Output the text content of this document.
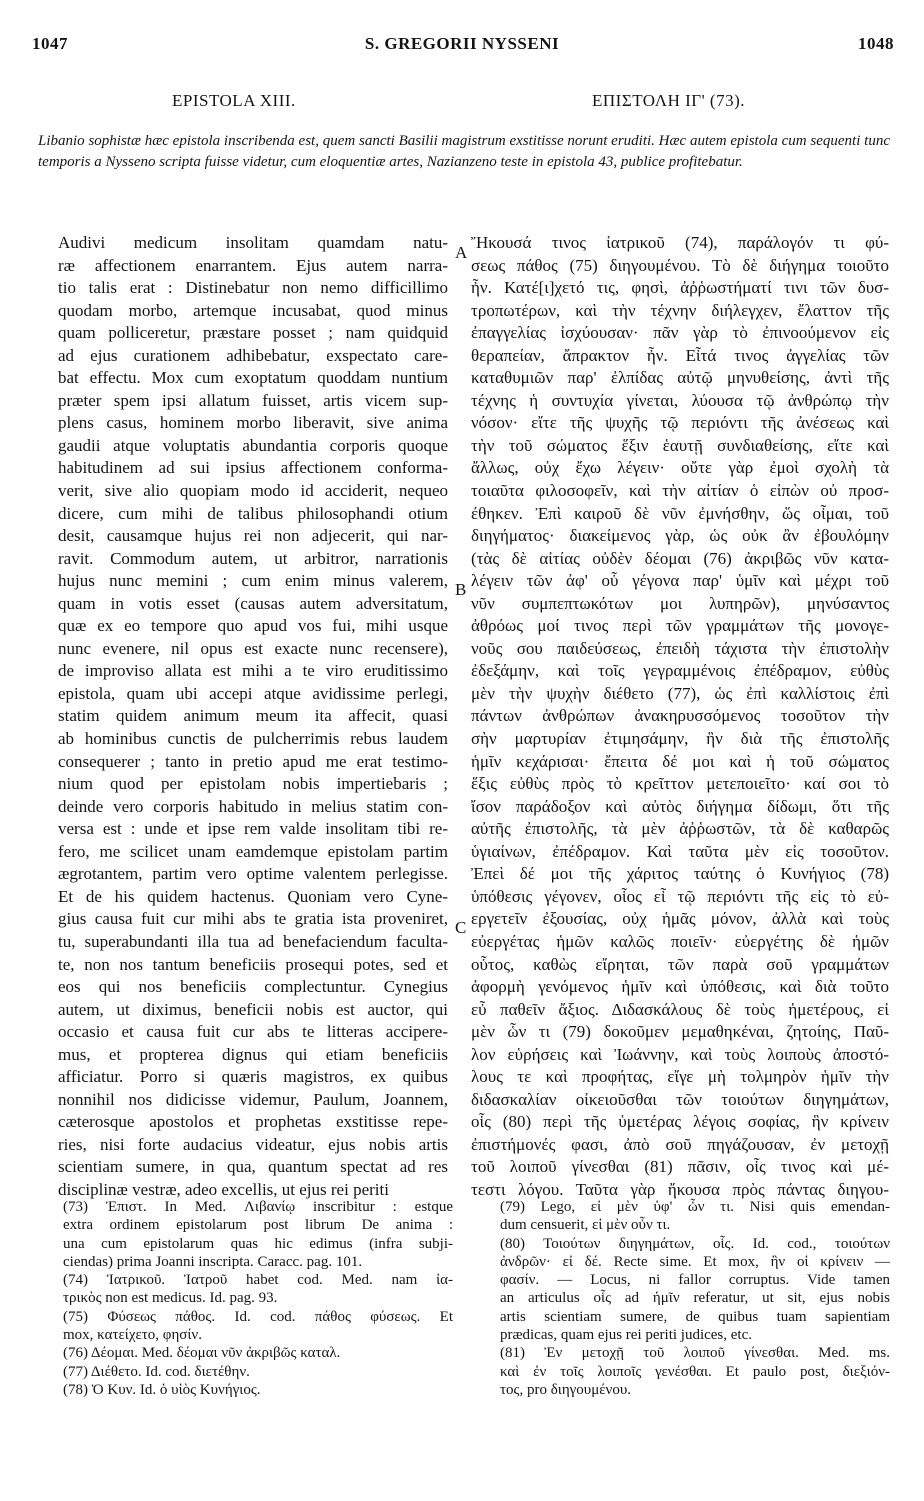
1047	S. GREGORII NYSSENI	1048
EPISTOLA XIII.	ΕΠΙΣΤΟΛΗ ΙΓ' (73).
Libanio sophistæ hæc epistola inscribenda est, quem sancti Basilii magistrum exstitisse norunt eruditi. Hæc autem epistola cum sequenti tunc temporis a Nysseno scripta fuisse videtur, cum eloquentiæ artes, Nazianzeno teste in epistola 43, publice profitebatur.
Audivi medicum insolitam quamdam natu-
ræ affectionem enarrantem. Ejus autem narra-
tio talis erat : Distinebatur non nemo difficillimo
quodam morbo, artemque incusabat, quod minus
quam polliceretur, præstare posset ; nam quidquid
ad ejus curationem adhibebatur, exspectato care-
bat effectu. Mox cum exoptatum quoddam nuntium
præter spem ipsi allatum fuisset, artis vicem sup-
plens casus, hominem morbo liberavit, sive anima
gaudii atque voluptatis abundantia corporis quoque
habitudinem ad sui ipsius affectionem conforma-
verit, sive alio quopiam modo id acciderit, nequeo
dicere, cum mihi de talibus philosophandi otium
desit, causamque hujus rei non adjecerit, qui nar-
ravit. Commodum autem, ut arbitror, narrationis
hujus nunc memini ; cum enim minus valerem,
quam in votis esset (causas autem adversitatum,
quæ ex eo tempore quo apud vos fui, mihi usque
nunc evenere, nil opus est exacte nunc recensere),
de improviso allata est mihi a te viro eruditissimo
epistola, quam ubi accepi atque avidissime perlegi,
statim quidem animum meum ita affecit, quasi
ab hominibus cunctis de pulcherrimis rebus laudem
consequerer ; tanto in pretio apud me erat testimo-
nium quod per epistolam nobis impertiebaris ;
deinde vero corporis habitudo in melius statim con-
versa est : unde et ipse rem valde insolitam tibi re-
fero, me scilicet unam eamdemque epistolam partim
ægrotantem, partim vero optime valentem perlegisse.
Et de his quidem hactenus. Quoniam vero Cyne-
gius causa fuit cur mihi abs te gratia ista proveniret,
tu, superabundanti illa tua ad benefaciendum faculta-
te, non nos tantum beneficiis prosequi potes, sed et
eos qui nos beneficiis complectuntur. Cynegius
autem, ut diximus, beneficii nobis est auctor, qui
occasio et causa fuit cur abs te litteras accipere-
mus, et propterea dignus qui etiam beneficiis
afficiatur. Porro si quæris magistros, ex quibus
nonnihil nos didicisse videmur, Paulum, Joannem,
cæterosque apostolos et prophetas exstitisse repe-
ries, nisi forte audacius videatur, ejus nobis artis
scientiam sumere, in qua, quantum spectat ad res
disciplinæ vestræ, adeo excellis, ut ejus rei periti
Ἤκουσά τινος ἰατρικοῦ (74), παράλογόν τι φύ-
σεως πάθος (75) διηγουμένου. Τὸ δὲ διήγημα τοιοῦτο
ἦν. Κατέ[ι]χετό τις, φησὶ, ἀῤῥωστήματί τινι τῶν δυσ-
τροπωτέρων, καὶ τὴν τέχνην διήλεγχεν, ἔλαττον τῆς
ἐπαγγελίας ἰσχύουσαν· πᾶν γὰρ τὸ ἐπινοούμενον εἰς
θεραπείαν, ἄπρακτον ἦν. Εἶτά τινος ἀγγελίας τῶν
καταθυμιῶν παρ' ἐλπίδας αὐτῷ μηνυθείσης, ἀντὶ τῆς
τέχνης ἡ συντυχία γίνεται, λύουσα τῷ ἀνθρώπῳ τὴν
νόσον· εἴτε τῆς ψυχῆς τῷ περιόντι τῆς ἀνέσεως καὶ
τὴν τοῦ σώματος ἕξιν ἑαυτῇ συνδιαθείσης, εἴτε καὶ
ἄλλως, οὐχ ἔχω λέγειν· οὔτε γὰρ ἐμοὶ σχολὴ τὰ
τοιαῦτα φιλοσοφεῖν, καὶ τὴν αἰτίαν ὁ εἰπὼν οὐ προσ-
έθηκεν. Ἐπὶ καιροῦ δὲ νῦν ἐμνήσθην, ὥς οἶμαι, τοῦ
διηγήματος· διακείμενος γὰρ, ὡς οὐκ ἂν ἐβουλόμην
(τὰς δὲ αἰτίας οὐδὲν δέομαι (76) ἀκριβῶς νῦν κατα-
λέγειν τῶν ἀφ' οὗ γέγονα παρ' ὑμῖν καὶ μέχρι τοῦ
νῦν συμπεπτωκότων μοι λυπηρῶν), μηνύσαντος
ἀθρόως μοί τινος περὶ τῶν γραμμάτων τῆς μονογε-
νοῦς σου παιδεύσεως, ἐπειδὴ τάχιστα τὴν ἐπιστολὴν
ἐδεξάμην, καὶ τοῖς γεγραμμένοις ἐπέδραμον, εὐθὺς
μὲν τὴν ψυχὴν διέθετο (77), ὡς ἐπὶ καλλίστοις ἐπὶ
πάντων ἀνθρώπων ἀνακηρυσσόμενος τοσοῦτον τὴν
σὴν μαρτυρίαν ἐτιμησάμην, ἣν διὰ τῆς ἐπιστολῆς
ἡμῖν κεχάρισαι· ἔπειτα δέ μοι καὶ ἡ τοῦ σώματος
ἕξις εὐθὺς πρὸς τὸ κρεῖττον μετεποιεῖτο· καί σοι τὸ
ἴσον παράδοξον καὶ αὐτὸς διήγημα δίδωμι, ὅτι τῆς
αὐτῆς ἐπιστολῆς, τὰ μὲν ἀῤῥωστῶν, τὰ δὲ καθαρῶς
ὑγιαίνων, ἐπέδραμον. Καὶ ταῦτα μὲν εἰς τοσοῦτον.
Ἐπεὶ δέ μοι τῆς χάριτος ταύτης ὁ Κυνήγιος (78)
ὑπόθεσις γέγονεν, οἷος εἶ τῷ περιόντι τῆς εἰς τὸ εὐ-
εργετεῖν ἐξουσίας, οὐχ ἡμᾶς μόνον, ἀλλὰ καὶ τοὺς
εὐεργέτας ἡμῶν καλῶς ποιεῖν· εὐεργέτης δὲ ἡμῶν
οὗτος, καθὼς εἴρηται, τῶν παρὰ σοῦ γραμμάτων
ἀφορμὴ γενόμενος ἡμῖν καὶ ὑπόθεσις, καὶ διὰ τοῦτο
εὖ παθεῖν ἄξιος. Διδασκάλους δὲ τοὺς ἡμετέρους, εἰ
μὲν ὧν τι (79) δοκοῦμεν μεμαθηκέναι, ζητοίης, Παῦ-
λον εὑρήσεις καὶ Ἰωάννην, καὶ τοὺς λοιποὺς ἀποστό-
λους τε καὶ προφήτας, εἴγε μὴ τολμηρὸν ἡμῖν τὴν
διδασκαλίαν οἰκειοῦσθαι τῶν τοιούτων διηγημάτων,
οἷς (80) περὶ τῆς ὑμετέρας λέγοις σοφίας, ἣν κρίνειν
ἐπιστήμονές φασι, ἀπὸ σοῦ πηγάζουσαν, ἐν μετοχῇ
τοῦ λοιποῦ γίνεσθαι (81) πᾶσιν, οἷς τινος καὶ μέ-
τεστι λόγου. Ταῦτα γὰρ ἤκουσα πρὸς πάντας διηγου-
A
B
C
(73) Ἐπιστ. In Med. Λιβανίῳ inscribitur : estque
extra ordinem epistolarum post librum De anima :
una cum epistolarum quas hic edimus (infra subji-
ciendas) prima Joanni inscripta. Caracc. pag. 101.
(74) Ἰατρικοῦ. Ἰατροῦ habet cod. Med. nam ἰα-
τρικὸς non est medicus. Id. pag. 93.
(75) Φύσεως πάθος. Id. cod. πάθος φύσεως. Et
mox, κατείχετο, φησίν.
(76) Δέομαι. Med. δέομαι νῦν ἀκριβῶς καταλ.
(77) Διέθετο. Id. cod. διετέθην.
(78) Ὁ Κυν. Id. ὁ υἱὸς Κυνήγιος.
(79) Lego, εἰ μὲν ὑφ' ὧν τι. Nisi quis emendan-
dum censuerit, εἰ μὲν οὖν τι.
(80) Τοιούτων διηγημάτων, οἷς. Id. cod., τοιούτων
ἀνδρῶν· εἰ δέ. Recte sime. Et mox, ἣν οἱ κρίνειν —
φασίν. — Locus, ni fallor corruptus. Vide tamen
an articulus οἷς ad ἡμῖν referatur, ut sit, ejus nobis
artis scientiam sumere, de quibus tuam sapientiam
prædicas, quam ejus rei periti judices, etc.
(81) Ἐν μετοχῇ τοῦ λοιποῦ γίνεσθαι. Med. ms.
καὶ ἐν τοῖς λοιποῖς γενέσθαι. Et paulo post, διεξιόν-
τος, pro διηγουμένου.
